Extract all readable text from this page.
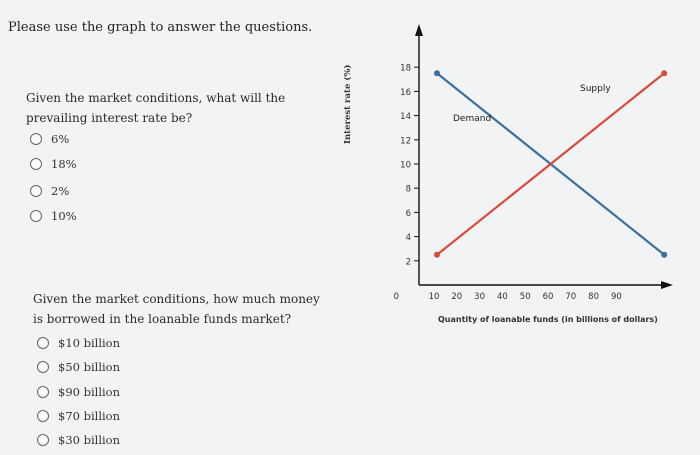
Please use the graph to answer the questions.
Given the market conditions, what will the prevailing interest rate be?
6%
18%
2%
10%
Given the market conditions, how much money is borrowed in the loanable funds market?
$10 billion
$50 billion
$90 billion
$70 billion
$30 billion
Interest rate (%)
0
2
4
6
8
10
12
14
16
18
10 20 30 40 50 60 70 80 90
Demand
Supply
Quantity of loanable funds (in billions of dollars)
